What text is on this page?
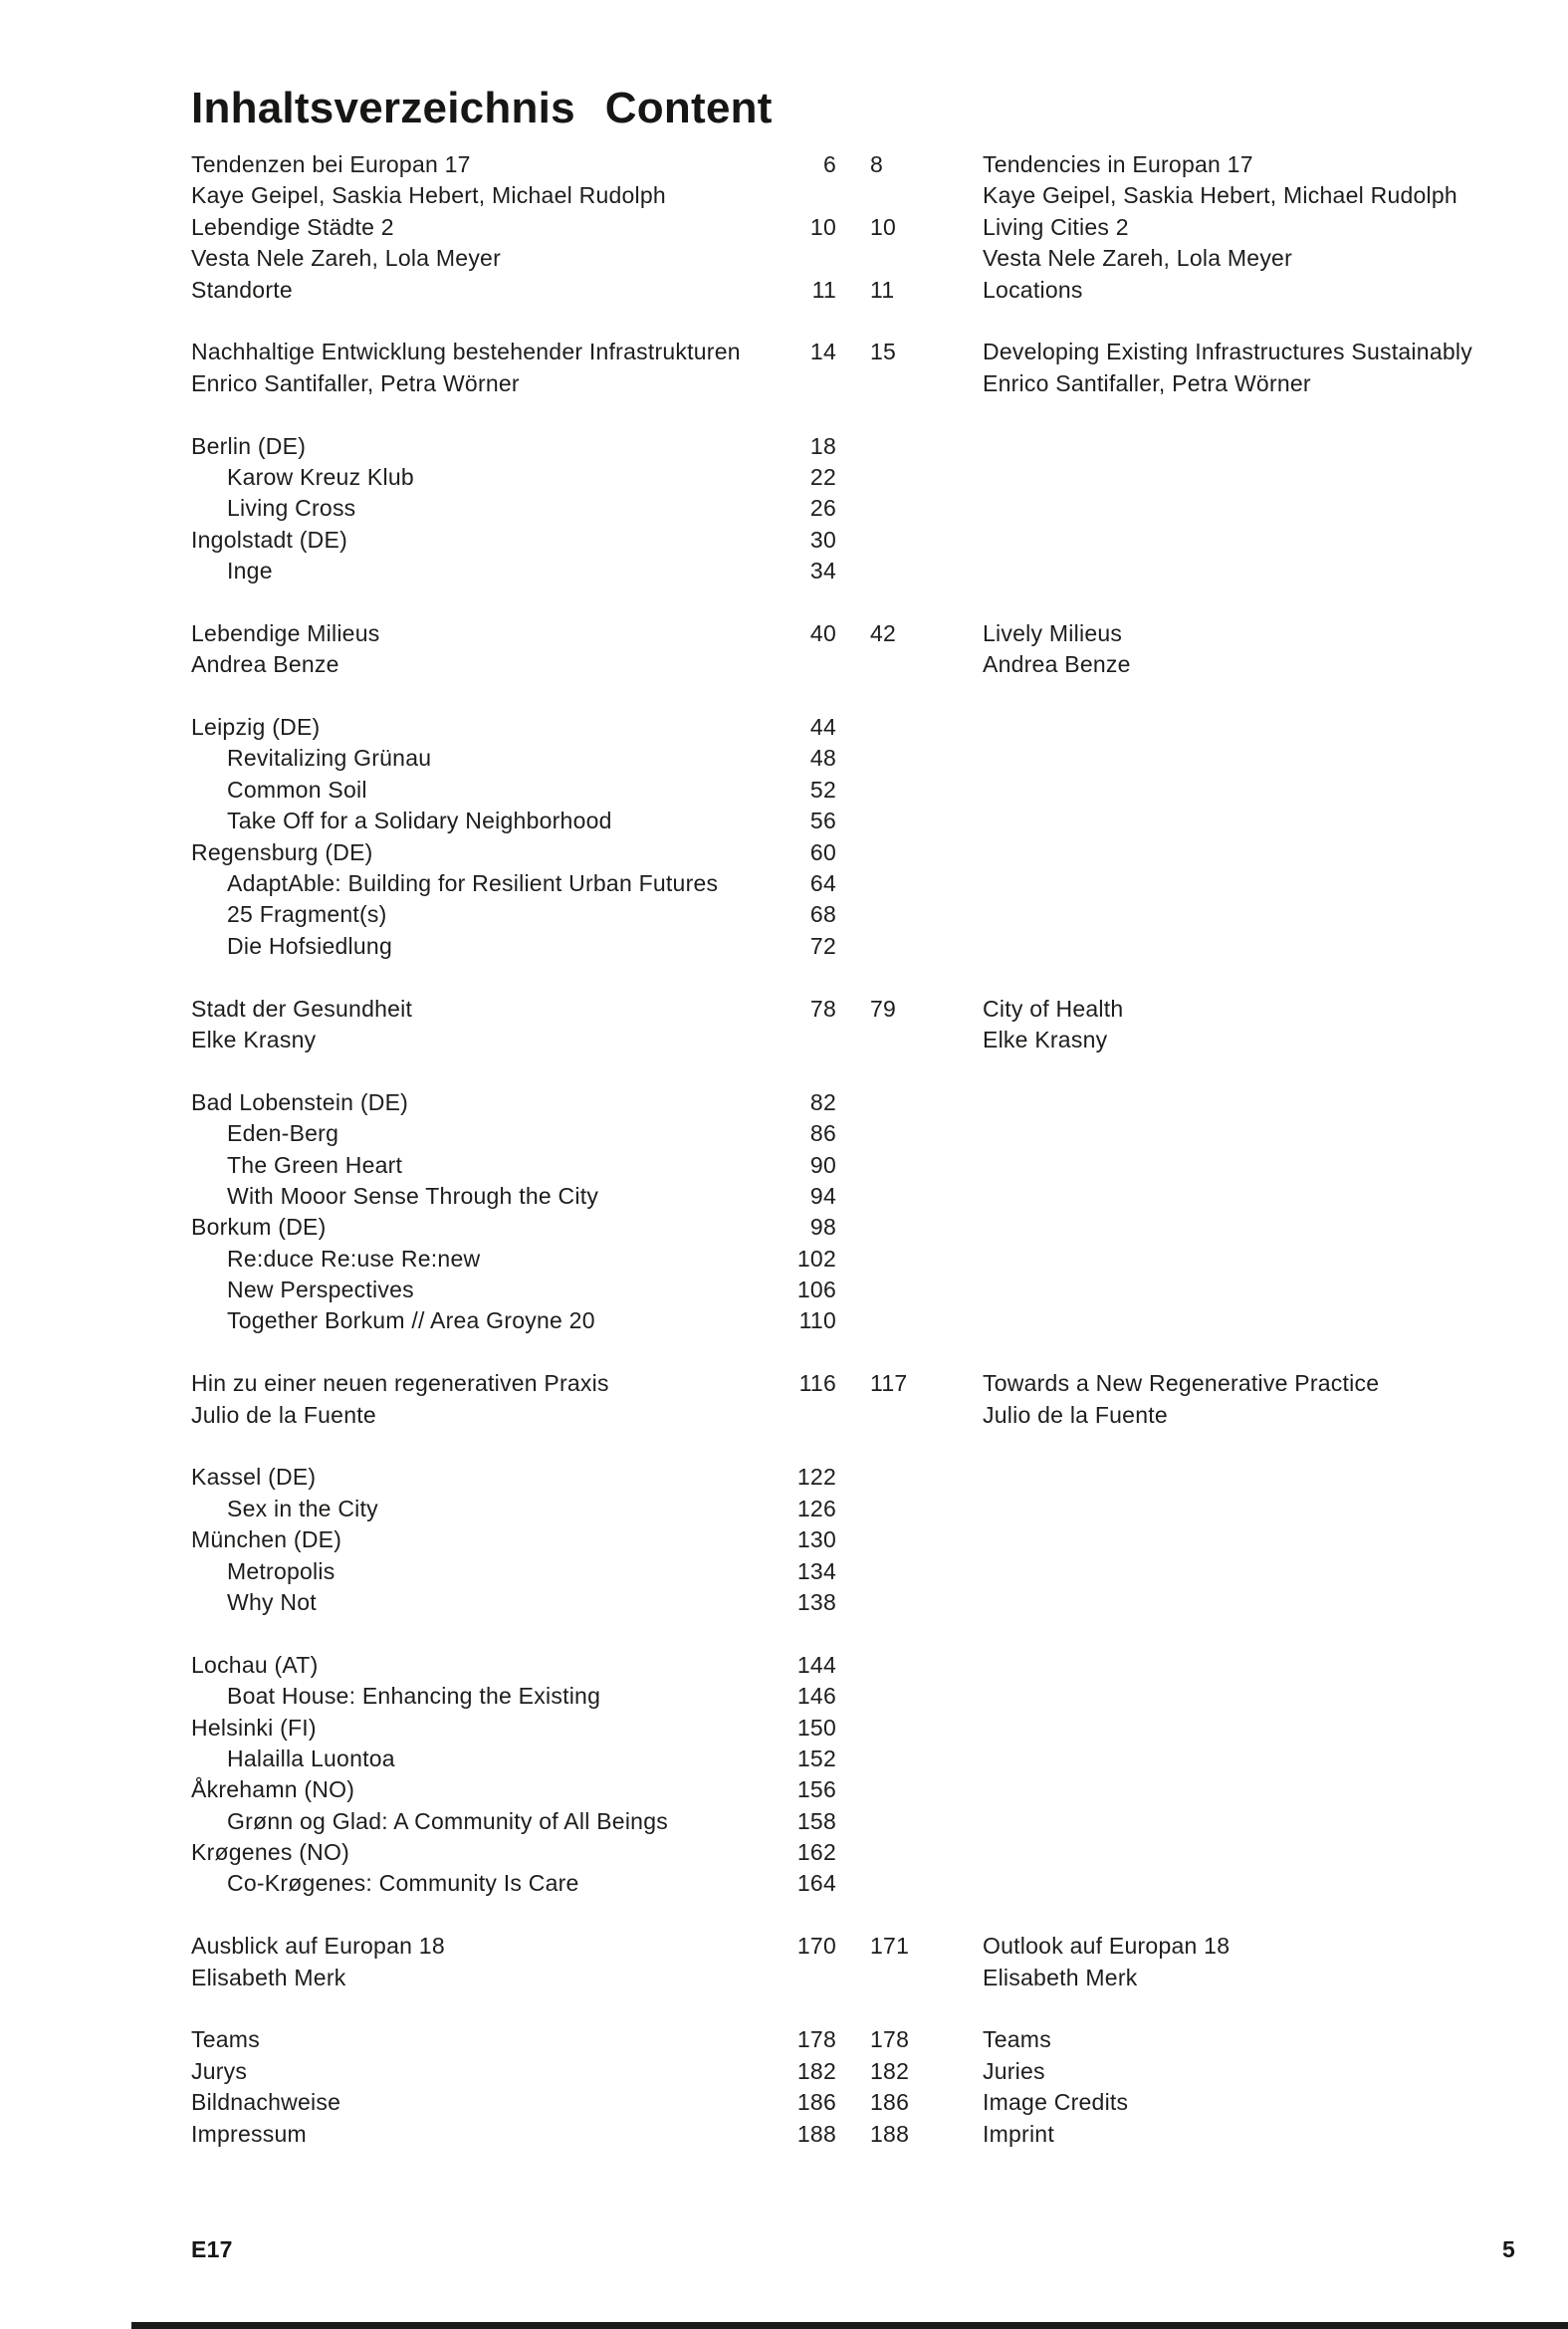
Inhaltsverzeichnis Content
Tendenzen bei Europan 17	6	8	Tendencies in Europan 17
Kaye Geipel, Saskia Hebert, Michael Rudolph	Kaye Geipel, Saskia Hebert, Michael Rudolph
Lebendige Städte 2	10	10	Living Cities 2
Vesta Nele Zareh, Lola Meyer	Vesta Nele Zareh, Lola Meyer
Standorte	11	11	Locations
Nachhaltige Entwicklung bestehender Infrastrukturen	14	15	Developing Existing Infrastructures Sustainably
Enrico Santifaller, Petra Wörner	Enrico Santifaller, Petra Wörner
Berlin (DE)	18
Karow Kreuz Klub	22
Living Cross	26
Ingolstadt (DE)	30
Inge	34
Lebendige Milieus	40	42	Lively Milieus
Andrea Benze	Andrea Benze
Leipzig (DE)	44
Revitalizing Grünau	48
Common Soil	52
Take Off for a Solidary Neighborhood	56
Regensburg (DE)	60
AdaptAble: Building for Resilient Urban Futures	64
25 Fragment(s)	68
Die Hofsiedlung	72
Stadt der Gesundheit	78	79	City of Health
Elke Krasny	Elke Krasny
Bad Lobenstein (DE)	82
Eden-Berg	86
The Green Heart	90
With Mooor Sense Through the City	94
Borkum (DE)	98
Re:duce Re:use Re:new	102
New Perspectives	106
Together Borkum // Area Groyne 20	110
Hin zu einer neuen regenerativen Praxis	116	117	Towards a New Regenerative Practice
Julio de la Fuente	Julio de la Fuente
Kassel (DE)	122
Sex in the City	126
München (DE)	130
Metropolis	134
Why Not	138
Lochau (AT)	144
Boat House: Enhancing the Existing	146
Helsinki (FI)	150
Halailla Luontoa	152
Åkrehamn (NO)	156
Grønn og Glad: A Community of All Beings	158
Krøgenes (NO)	162
Co-Krøgenes: Community Is Care	164
Ausblick auf Europan 18	170	171	Outlook auf Europan 18
Elisabeth Merk	Elisabeth Merk
Teams	178	178	Teams
Jurys	182	182	Juries
Bildnachweise	186	186	Image Credits
Impressum	188	188	Imprint
E17	5
